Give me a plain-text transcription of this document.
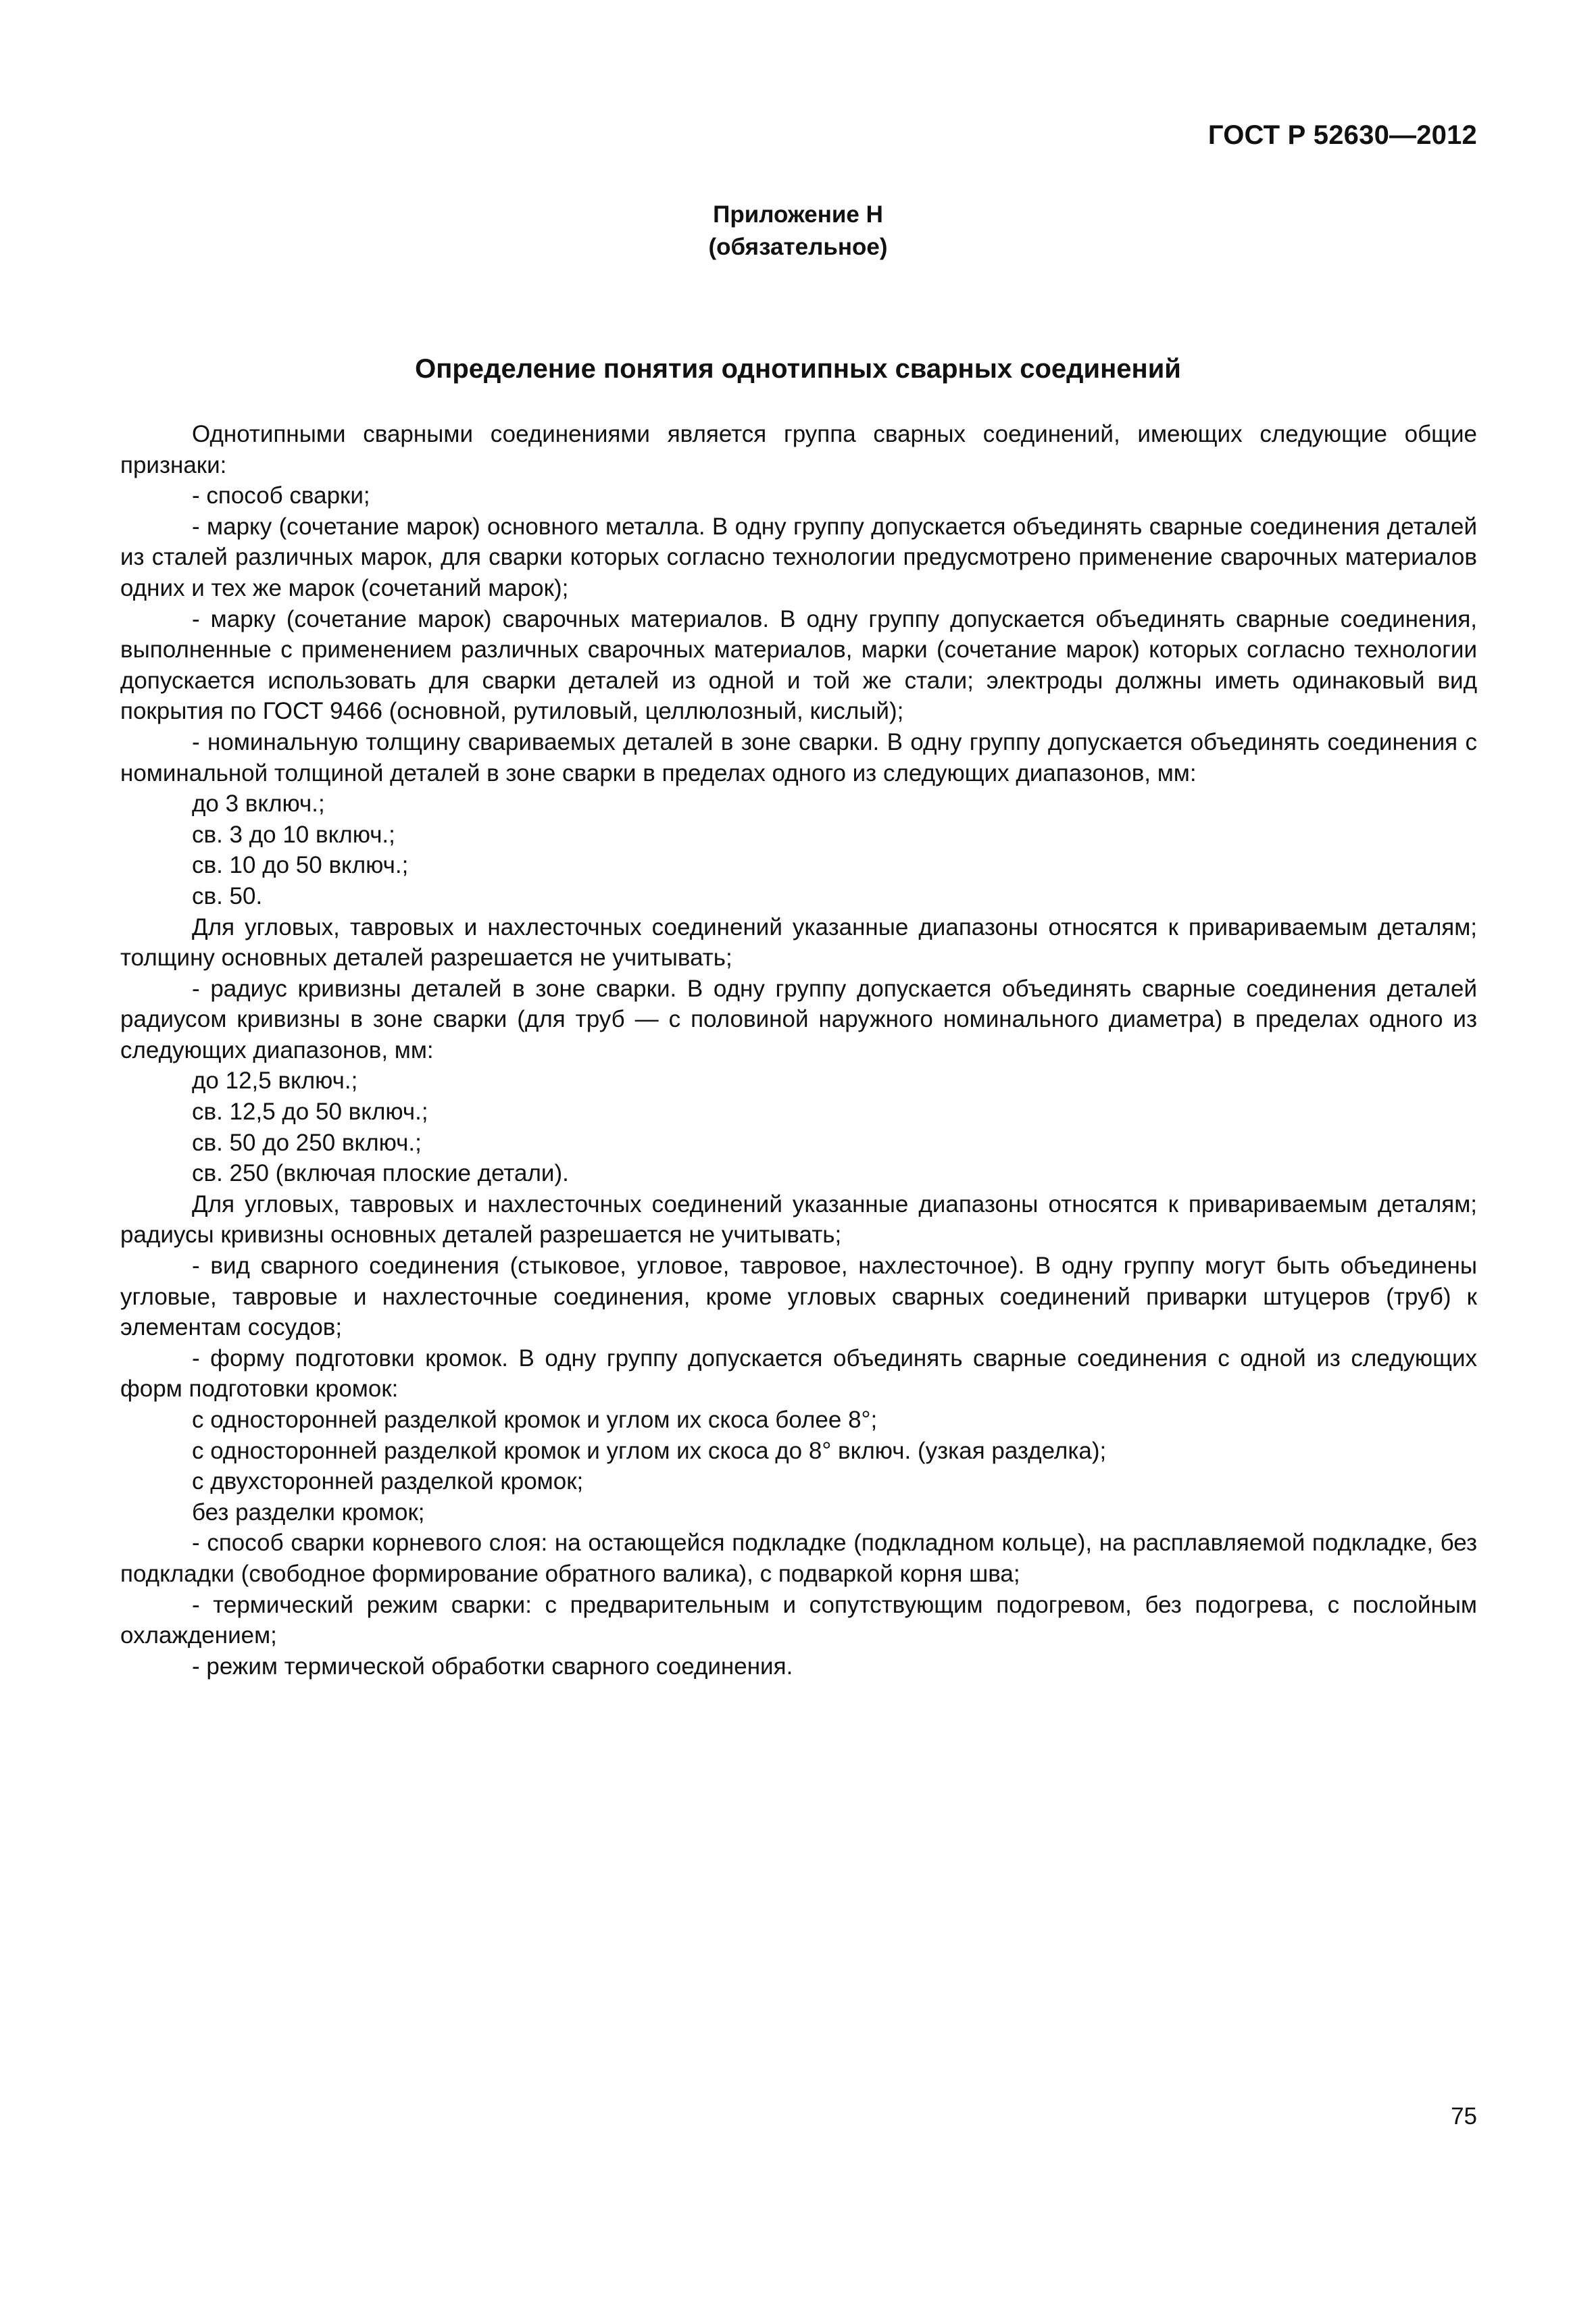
ГОСТ Р 52630—2012
Приложение Н
(обязательное)
Определение понятия однотипных сварных соединений

Однотипными сварными соединениями является группа сварных соединений, имеющих следующие общие признаки:

- способ сварки;

- марку (сочетание марок) основного металла. В одну группу допускается объединять сварные соединения деталей из сталей различных марок, для сварки которых согласно технологии предусмотрено применение сварочных материалов одних и тех же марок (сочетаний марок);

- марку (сочетание марок) сварочных материалов. В одну группу допускается объединять сварные соединения, выполненные с применением различных сварочных материалов, марки (сочетание марок) которых согласно технологии допускается использовать для сварки деталей из одной и той же стали; электроды должны иметь одинаковый вид покрытия по ГОСТ 9466 (основной, рутиловый, целлюлозный, кислый);

- номинальную толщину свариваемых деталей в зоне сварки. В одну группу допускается объединять соединения с номинальной толщиной деталей в зоне сварки в пределах одного из следующих диапазонов, мм:

до 3 включ.;

св. 3 до 10 включ.;

св. 10 до 50 включ.;

св. 50.

Для угловых, тавровых и нахлесточных соединений указанные диапазоны относятся к привариваемым деталям; толщину основных деталей разрешается не учитывать;

- радиус кривизны деталей в зоне сварки. В одну группу допускается объединять сварные соединения деталей радиусом кривизны в зоне сварки (для труб — с половиной наружного номинального диаметра) в пределах одного из следующих диапазонов, мм:

до 12,5 включ.;

св. 12,5 до 50 включ.;

св. 50 до 250 включ.;

св. 250 (включая плоские детали).

Для угловых, тавровых и нахлесточных соединений указанные диапазоны относятся к привариваемым деталям; радиусы кривизны основных деталей разрешается не учитывать;

- вид сварного соединения (стыковое, угловое, тавровое, нахлесточное). В одну группу могут быть объединены угловые, тавровые и нахлесточные соединения, кроме угловых сварных соединений приварки штуцеров (труб) к элементам сосудов;

- форму подготовки кромок. В одну группу допускается объединять сварные соединения с одной из следующих форм подготовки кромок:

с односторонней разделкой кромок и углом их скоса более 8°;

с односторонней разделкой кромок и углом их скоса до 8° включ. (узкая разделка);

с двухсторонней разделкой кромок;

без разделки кромок;

- способ сварки корневого слоя: на остающейся подкладке (подкладном кольце), на расплавляемой подкладке, без подкладки (свободное формирование обратного валика), с подваркой корня шва;

- термический режим сварки: с предварительным и сопутствующим подогревом, без подогрева, с послойным охлаждением;

- режим термической обработки сварного соединения.

75
